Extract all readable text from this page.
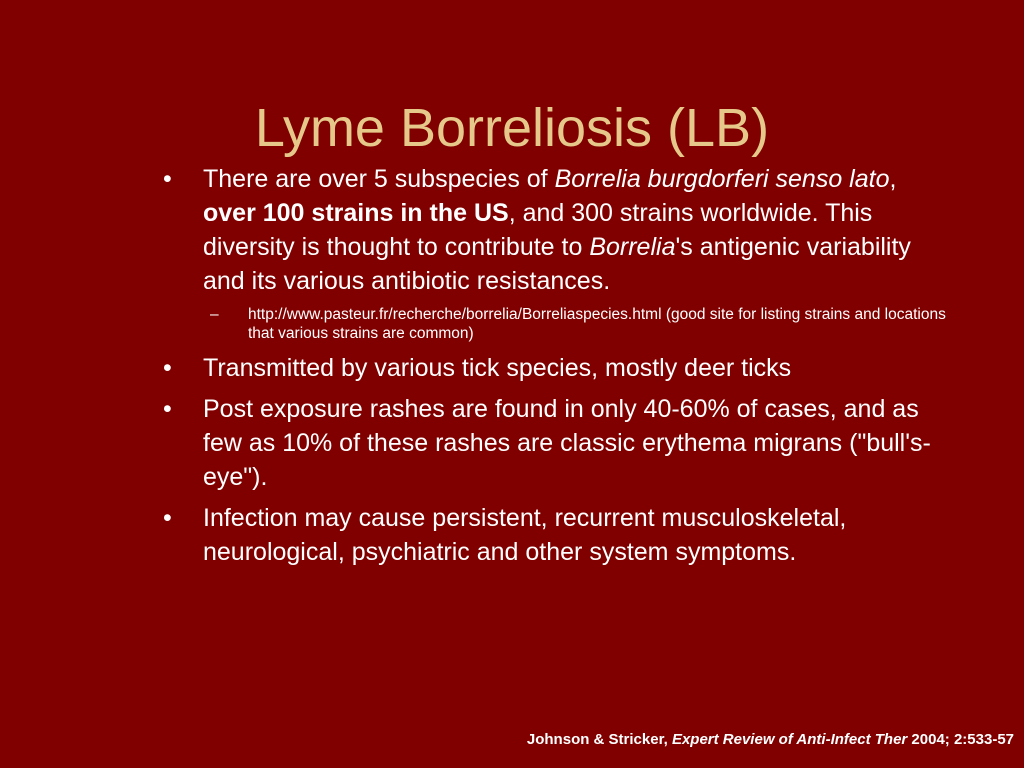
Lyme Borreliosis (LB)
• There are over 5 subspecies of Borrelia burgdorferi senso lato, over 100 strains in the US, and 300 strains worldwide. This diversity is thought to contribute to Borrelia's antigenic variability and its various antibiotic resistances.
– http://www.pasteur.fr/recherche/borrelia/Borreliaspecies.html (good site for listing strains and locations that various strains are common)
• Transmitted by various tick species, mostly deer ticks
• Post exposure rashes are found in only 40-60% of cases, and as few as 10% of these rashes are classic erythema migrans ("bull's-eye").
• Infection may cause persistent, recurrent musculoskeletal, neurological, psychiatric and other system symptoms.
Johnson & Stricker, Expert Review of Anti-Infect Ther 2004; 2:533-57
